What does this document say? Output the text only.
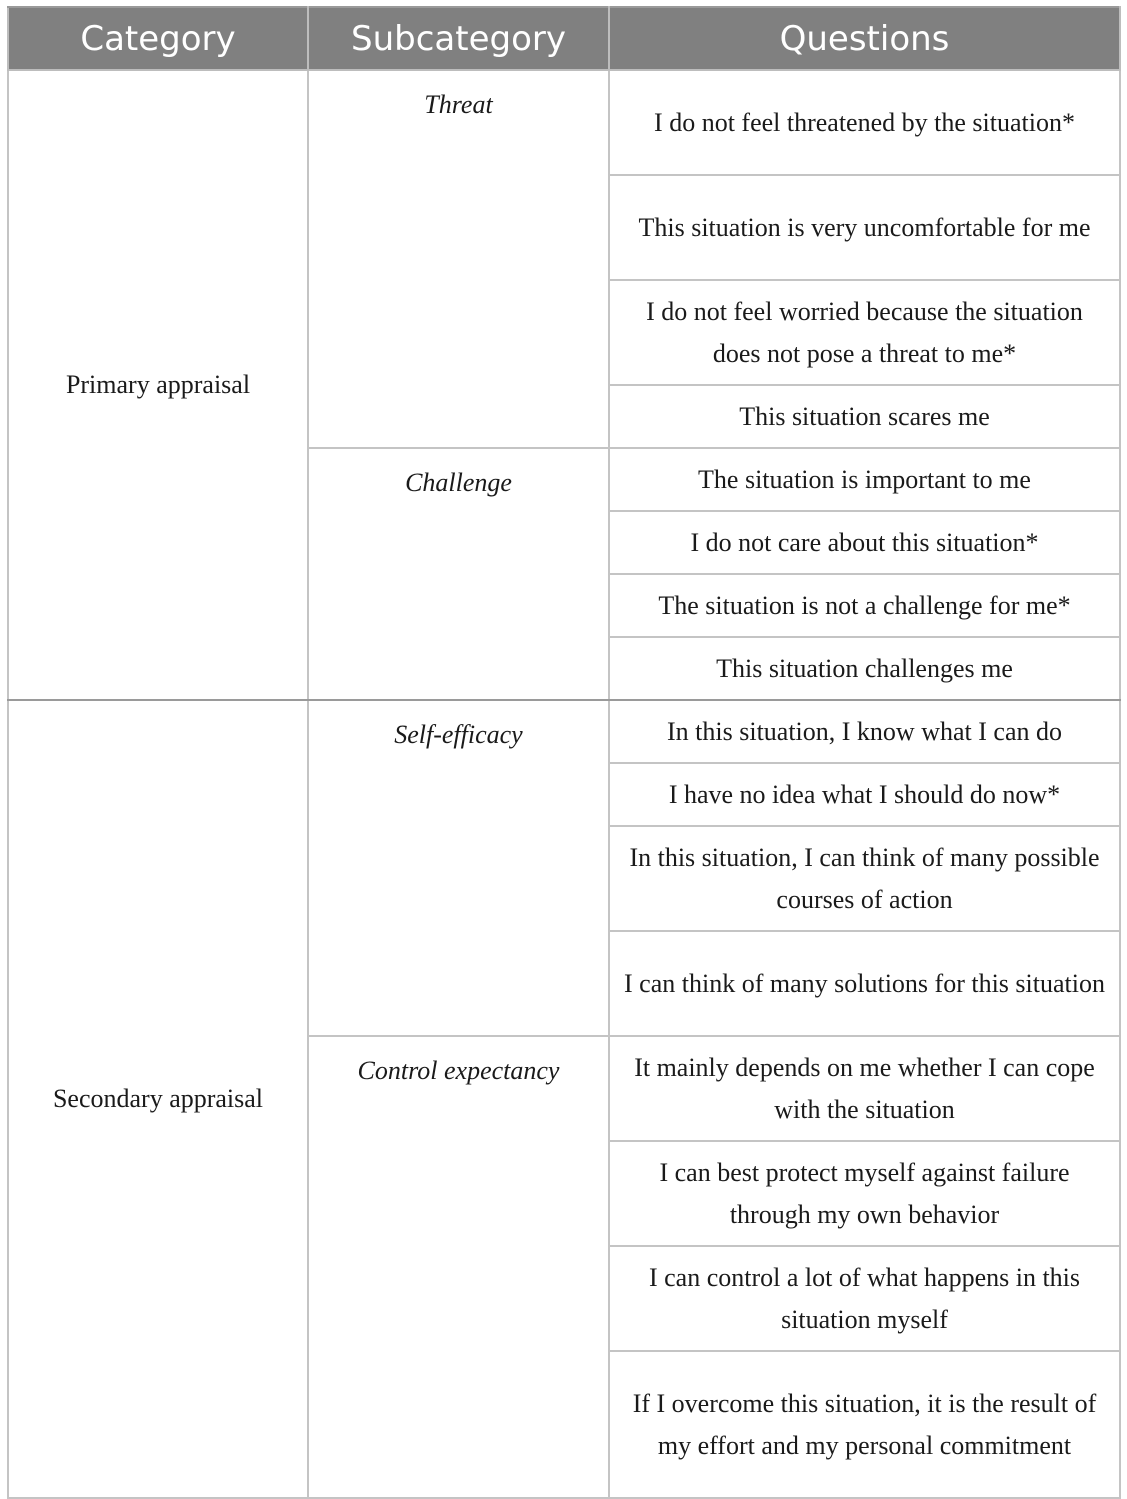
Category	Subcategory	Questions
Primary appraisal	Threat	I do not feel threatened by the situation*
		This situation is very uncomfortable for me
		I do not feel worried because the situation does not pose a threat to me*
		This situation scares me
	Challenge	The situation is important to me
		I do not care about this situation*
		The situation is not a challenge for me*
		This situation challenges me
Secondary appraisal	Self-efficacy	In this situation, I know what I can do
		I have no idea what I should do now*
		In this situation, I can think of many possible courses of action
		I can think of many solutions for this situation
	Control expectancy	It mainly depends on me whether I can cope with the situation
		I can best protect myself against failure through my own behavior
		I can control a lot of what happens in this situation myself
		If I overcome this situation, it is the result of my effort and my personal commitment
